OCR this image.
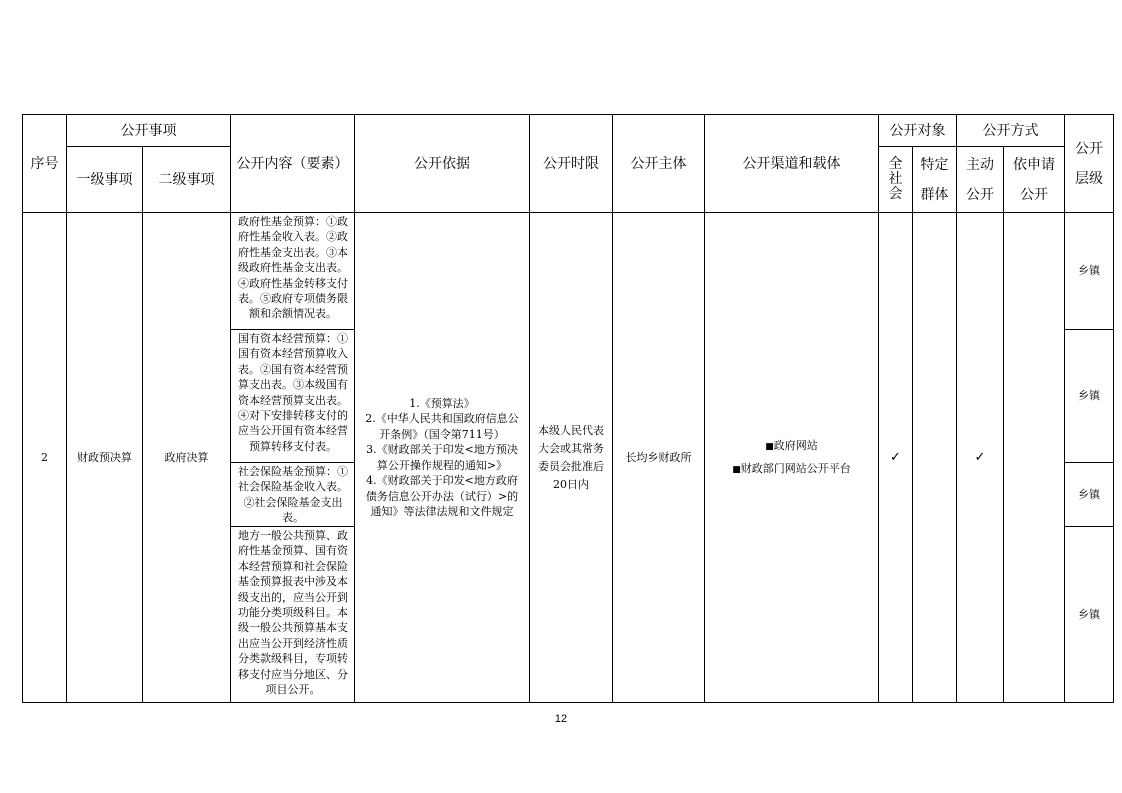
序号	公开事项		公开内容（要素）	公开依据	公开时限	公开主体	公开渠道和载体	公开对象		公开方式		公开层级

	一级事项	二级事项						全社会	特定群体	主动公开	依申请公开	

2	财政预决算	政府决算	政府性基金预算：①政府性基金收入表。②政府性基金支出表。③本级政府性基金支出表。④政府性基金转移支付表。⑤政府专项债务限额和余额情况表。	1.《预算法》
2.《中华人民共和国政府信息公开条例》（国令第711号）
3.《财政部关于印发<地方预决算公开操作规程的通知>》
4.《财政部关于印发<地方政府债务信息公开办法（试行）>的通知》等法律法规和文件规定	本级人民代表大会或其常务委员会批准后20日内	长均乡财政所	■政府网站
■财政部门网站公开平台	✓		✓		乡镇
			国有资本经营预算：①国有资本经营预算收入表。②国有资本经营预算支出表。③本级国有资本经营预算支出表。④对下安排转移支付的应当公开国有资本经营预算转移支付表。									乡镇
			社会保险基金预算：①社会保险基金收入表。②社会保险基金支出表。									乡镇
			地方一般公共预算、政府性基金预算、国有资本经营预算和社会保险基金预算报表中涉及本级支出的，应当公开到功能分类项级科目。本级一般公共预算基本支出应当公开到经济性质分类款级科目，专项转移支付应当分地区、分项目公开。									乡镇
12
